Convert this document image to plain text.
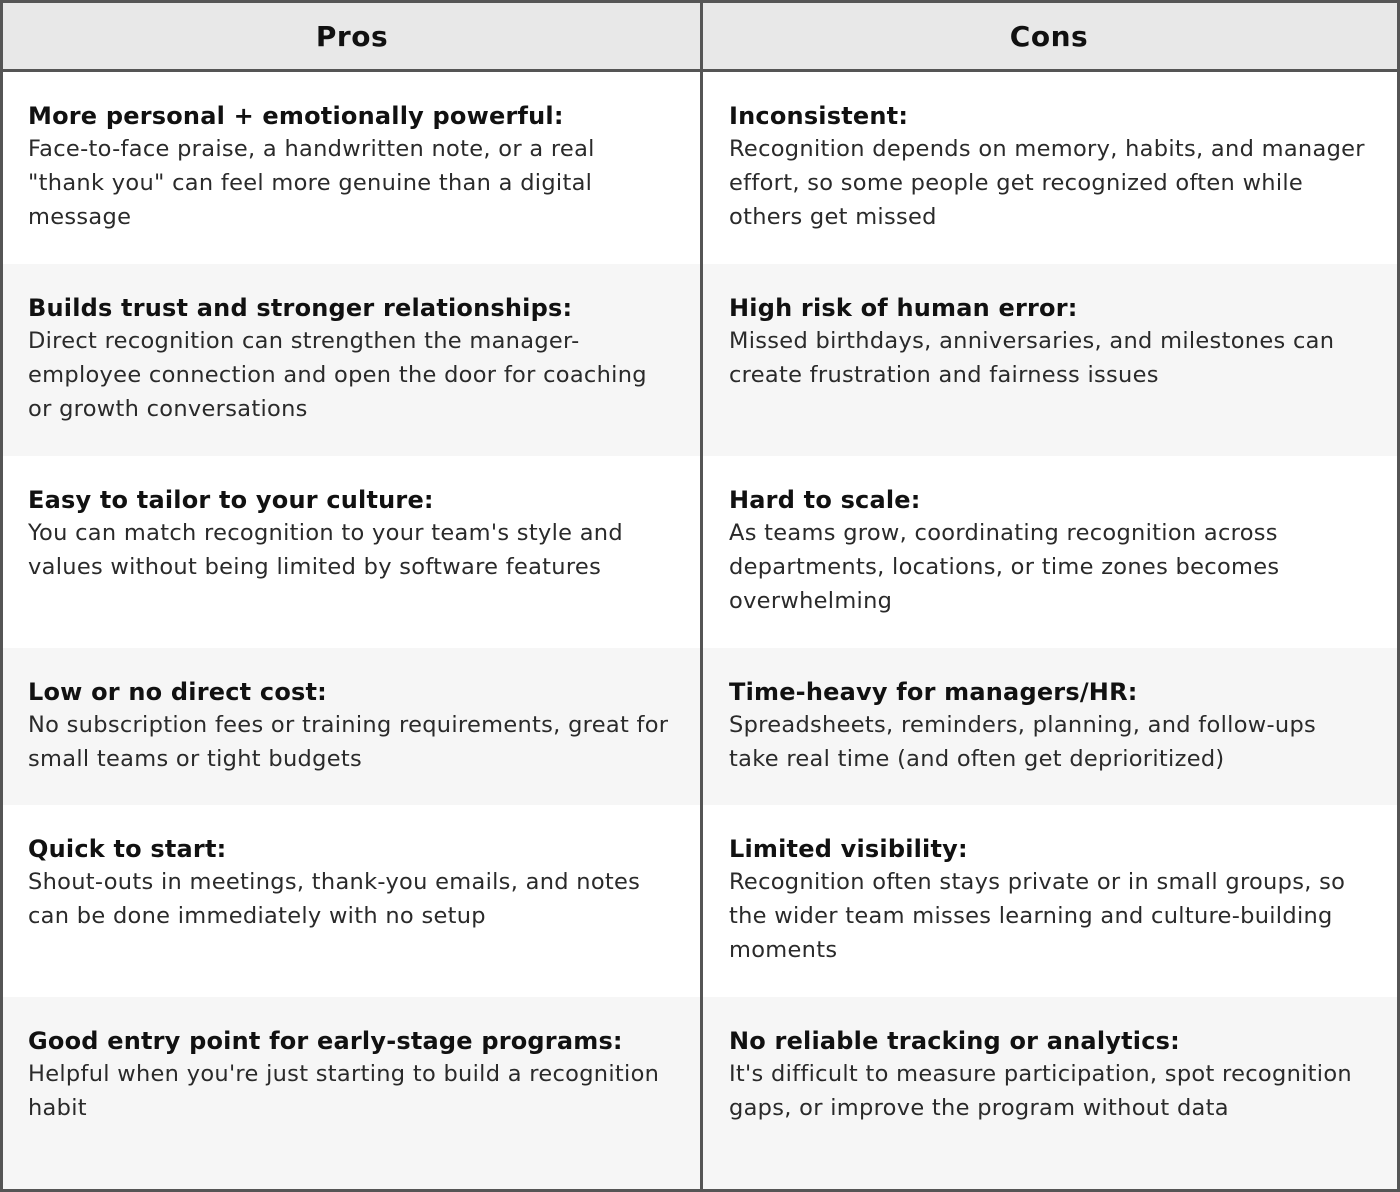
Pros	Cons
More personal + emotionally powerful:
Face-to-face praise, a handwritten note, or a real "thank you" can feel more genuine than a digital message
Inconsistent:
Recognition depends on memory, habits, and manager effort, so some people get recognized often while others get missed
Builds trust and stronger relationships:
Direct recognition can strengthen the manager-employee connection and open the door for coaching or growth conversations
High risk of human error:
Missed birthdays, anniversaries, and milestones can create frustration and fairness issues
Easy to tailor to your culture:
You can match recognition to your team's style and values without being limited by software features
Hard to scale:
As teams grow, coordinating recognition across departments, locations, or time zones becomes overwhelming
Low or no direct cost:
No subscription fees or training requirements, great for small teams or tight budgets
Time-heavy for managers/HR:
Spreadsheets, reminders, planning, and follow-ups take real time (and often get deprioritized)
Quick to start:
Shout-outs in meetings, thank-you emails, and notes can be done immediately with no setup
Limited visibility:
Recognition often stays private or in small groups, so the wider team misses learning and culture-building moments
Good entry point for early-stage programs:
Helpful when you're just starting to build a recognition habit
No reliable tracking or analytics:
It's difficult to measure participation, spot recognition gaps, or improve the program without data
